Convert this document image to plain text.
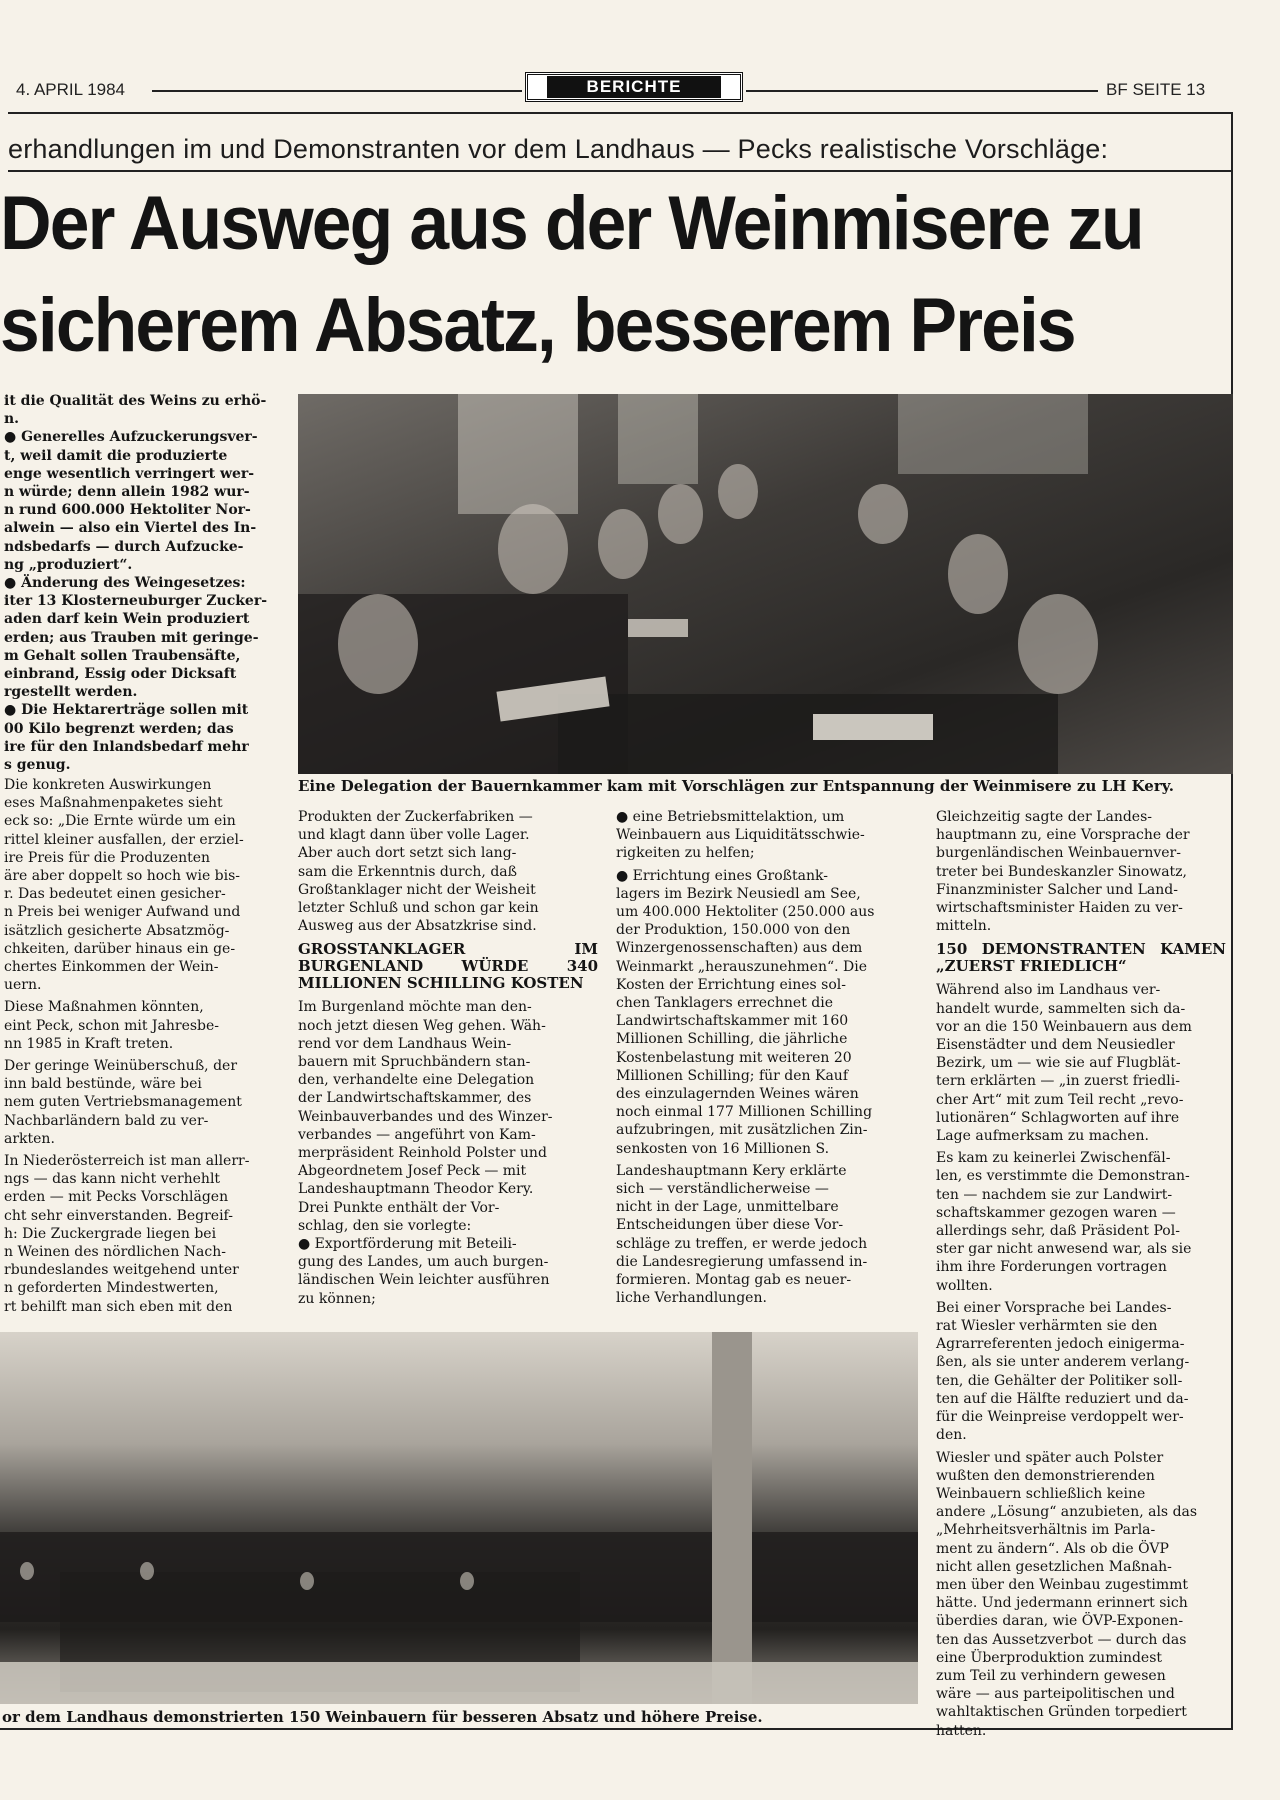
4. APRIL 1984	BERICHTE	BF SEITE 13
erhandlungen im und Demonstranten vor dem Landhaus — Pecks realistische Vorschläge:
Der Ausweg aus der Weinmisere zu
sicherem Absatz, besserem Preis

it die Qualität des Weins zu erhö-

n.

● Generelles Aufzuckerungsver-

t, weil damit die produzierte

enge wesentlich verringert wer-

n würde; denn allein 1982 wur-

n rund 600.000 Hektoliter Nor-

alwein — also ein Viertel des In-

ndsbedarfs — durch Aufzucke-

ng „produziert“.

● Änderung des Weingesetzes:

iter 13 Klosterneuburger Zucker-

aden darf kein Wein produziert

erden; aus Trauben mit geringe-

m Gehalt sollen Traubensäfte,

einbrand, Essig oder Dicksaft

rgestellt werden.

● Die Hektarerträge sollen mit

00 Kilo begrenzt werden; das

ire für den Inlandsbedarf mehr

s genug.

Eine Delegation der Bauernkammer kam mit Vorschlägen zur Entspannung der Weinmisere zu LH Kery.

Die konkreten Auswirkungen

eses Maßnahmenpaketes sieht

eck so: „Die Ernte würde um ein

rittel kleiner ausfallen, der erziel-

ire Preis für die Produzenten

äre aber doppelt so hoch wie bis-

r. Das bedeutet einen gesicher-

n Preis bei weniger Aufwand und

isätzlich gesicherte Absatzmög-

chkeiten, darüber hinaus ein ge-

chertes Einkommen der Wein-

uern.

Diese Maßnahmen könnten,

eint Peck, schon mit Jahresbe-

nn 1985 in Kraft treten.

Der geringe Weinüberschuß, der

inn bald bestünde, wäre bei

nem guten Vertriebsmanagement

Nachbarländern bald zu ver-

arkten.

In Niederösterreich ist man allerr-

ngs — das kann nicht verhehlt

erden — mit Pecks Vorschlägen

cht sehr einverstanden. Begreif-

h: Die Zuckergrade liegen bei

n Weinen des nördlichen Nach-

rbundeslandes weitgehend unter

n geforderten Mindestwerten,

rt behilft man sich eben mit den

Produkten der Zuckerfabriken —

und klagt dann über volle Lager.

Aber auch dort setzt sich lang-

sam die Erkenntnis durch, daß

Großtanklager nicht der Weisheit

letzter Schluß und schon gar kein

Ausweg aus der Absatzkrise sind.

GROSSTANKLAGER IM BURGENLAND WÜRDE 340 MILLIONEN SCHILLING KOSTEN

Im Burgenland möchte man den-

noch jetzt diesen Weg gehen. Wäh-

rend vor dem Landhaus Wein-

bauern mit Spruchbändern stan-

den, verhandelte eine Delegation

der Landwirtschaftskammer, des

Weinbauverbandes und des Winzer-

verbandes — angeführt von Kam-

merpräsident Reinhold Polster und

Abgeordnetem Josef Peck — mit

Landeshauptmann Theodor Kery.

Drei Punkte enthält der Vor-

schlag, den sie vorlegte:

● Exportförderung mit Beteili-

gung des Landes, um auch burgen-

ländischen Wein leichter ausführen

zu können;

● eine Betriebsmittelaktion, um

Weinbauern aus Liquiditätsschwie-

rigkeiten zu helfen;

● Errichtung eines Großtank-

lagers im Bezirk Neusiedl am See,

um 400.000 Hektoliter (250.000 aus

der Produktion, 150.000 von den

Winzergenossenschaften) aus dem

Weinmarkt „herauszunehmen“. Die

Kosten der Errichtung eines sol-

chen Tanklagers errechnet die

Landwirtschaftskammer mit 160

Millionen Schilling, die jährliche

Kostenbelastung mit weiteren 20

Millionen Schilling; für den Kauf

des einzulagernden Weines wären

noch einmal 177 Millionen Schilling

aufzubringen, mit zusätzlichen Zin-

senkosten von 16 Millionen S.

Landeshauptmann Kery erklärte

sich — verständlicherweise —

nicht in der Lage, unmittelbare

Entscheidungen über diese Vor-

schläge zu treffen, er werde jedoch

die Landesregierung umfassend in-

formieren. Montag gab es neuer-

liche Verhandlungen.

Gleichzeitig sagte der Landes-

hauptmann zu, eine Vorsprache der

burgenländischen Weinbauernver-

treter bei Bundeskanzler Sinowatz,

Finanzminister Salcher und Land-

wirtschaftsminister Haiden zu ver-

mitteln.

150 DEMONSTRANTEN KAMEN „ZUERST FRIEDLICH“

Während also im Landhaus ver-

handelt wurde, sammelten sich da-

vor an die 150 Weinbauern aus dem

Eisenstädter und dem Neusiedler

Bezirk, um — wie sie auf Flugblät-

tern erklärten — „in zuerst friedli-

cher Art“ mit zum Teil recht „revo-

lutionären“ Schlagworten auf ihre

Lage aufmerksam zu machen.

Es kam zu keinerlei Zwischenfäl-

len, es verstimmte die Demonstran-

ten — nachdem sie zur Landwirt-

schaftskammer gezogen waren —

allerdings sehr, daß Präsident Pol-

ster gar nicht anwesend war, als sie

ihm ihre Forderungen vortragen

wollten.

Bei einer Vorsprache bei Landes-

rat Wiesler verhärmten sie den

Agrarreferenten jedoch einigerma-

ßen, als sie unter anderem verlang-

ten, die Gehälter der Politiker soll-

ten auf die Hälfte reduziert und da-

für die Weinpreise verdoppelt wer-

den.

Wiesler und später auch Polster

wußten den demonstrierenden

Weinbauern schließlich keine

andere „Lösung“ anzubieten, als das

„Mehrheitsverhältnis im Parla-

ment zu ändern“. Als ob die ÖVP

nicht allen gesetzlichen Maßnah-

men über den Weinbau zugestimmt

hätte. Und jedermann erinnert sich

überdies daran, wie ÖVP-Exponen-

ten das Aussetzverbot — durch das

eine Überproduktion zumindest

zum Teil zu verhindern gewesen

wäre — aus parteipolitischen und

wahltaktischen Gründen torpediert

hatten.

or dem Landhaus demonstrierten 150 Weinbauern für besseren Absatz und höhere Preise.
